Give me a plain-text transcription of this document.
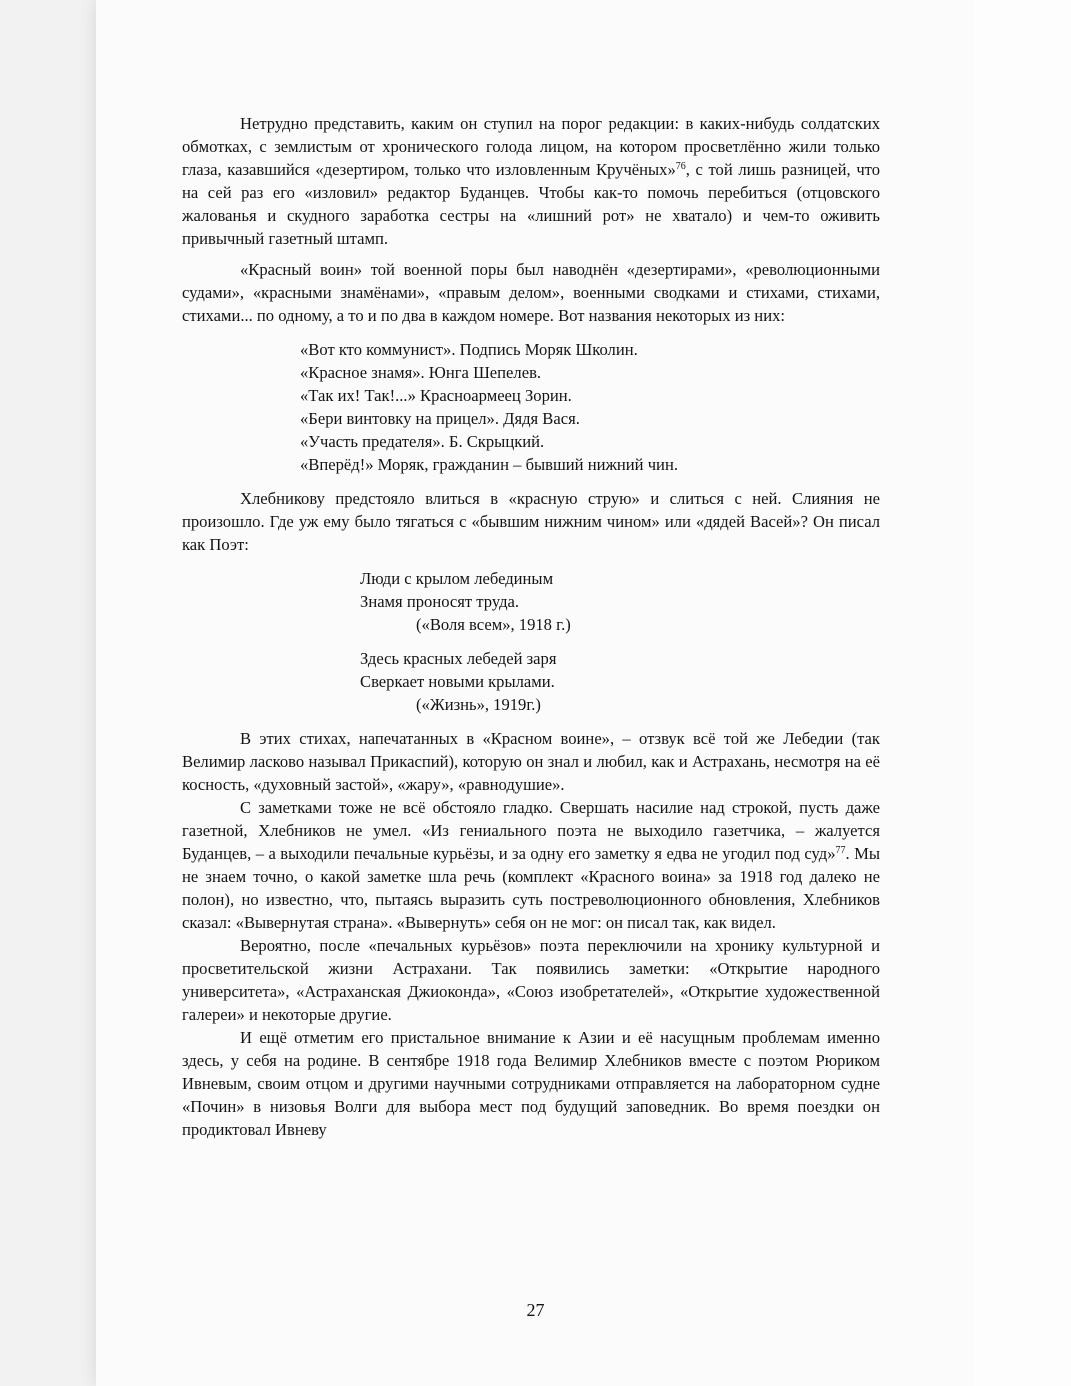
Нетрудно представить, каким он ступил на порог редакции: в каких-нибудь солдатских обмотках, с землистым от хронического голода лицом, на котором просветлённо жили только глаза, казавшийся «дезертиром, только что изловленным Кручёных»$^{76}$, с той лишь разницей, что на сей раз его «изловил» редактор Буданцев. Чтобы как-то помочь перебиться (отцовского жалованья и скудного заработка сестры на «лишний рот» не хватало) и чем-то оживить привычный газетный штамп.

«Красный воин» той военной поры был наводнён «дезертирами», «революционными судами», «красными знамёнами», «правым делом», военными сводками и стихами, стихами, стихами... по одному, а то и по два в каждом номере. Вот названия некоторых из них:

«Вот кто коммунист». Подпись Моряк Школин.
«Красное знамя». Юнга Шепелев.
«Так их! Так!...» Красноармеец Зорин.
«Бери винтовку на прицел». Дядя Вася.
«Участь предателя». Б. Скрыцкий.
«Вперёд!» Моряк, гражданин – бывший нижний чин.

Хлебникову предстояло влиться в «красную струю» и слиться с ней. Слияния не произошло. Где уж ему было тягаться с «бывшим нижним чином» или «дядей Васей»? Он писал как Поэт:

Люди с крылом лебединым
Знамя проносят труда.
(«Воля всем», 1918 г.)
Здесь красных лебедей заря
Сверкает новыми крылами.
(«Жизнь», 1919г.)

В этих стихах, напечатанных в «Красном воине», – отзвук всё той же Лебедии (так Велимир ласково называл Прикаспий), которую он знал и любил, как и Астрахань, несмотря на её косность, «духовный застой», «жару», «равнодушие».

С заметками тоже не всё обстояло гладко. Свершать насилие над строкой, пусть даже газетной, Хлебников не умел. «Из гениального поэта не выходило газетчика, – жалуется Буданцев, – а выходили печальные курьёзы, и за одну его заметку я едва не угодил под суд»$^{77}$. Мы не знаем точно, о какой заметке шла речь (комплект «Красного воина» за 1918 год далеко не полон), но известно, что, пытаясь выразить суть постреволюционного обновления, Хлебников сказал: «Вывернутая страна». «Вывернуть» себя он не мог: он писал так, как видел.

Вероятно, после «печальных курьёзов» поэта переключили на хронику культурной и просветительской жизни Астрахани. Так появились заметки: «Открытие народного университета», «Астраханская Джиоконда», «Союз изобретателей», «Открытие художественной галереи» и некоторые другие.

И ещё отметим его пристальное внимание к Азии и её насущным проблемам именно здесь, у себя на родине. В сентябре 1918 года Велимир Хлебников вместе с поэтом Рюриком Ивневым, своим отцом и другими научными сотрудниками отправляется на лабораторном судне «Почин» в низовья Волги для выбора мест под будущий заповедник. Во время поездки он продиктовал Ивневу

27
